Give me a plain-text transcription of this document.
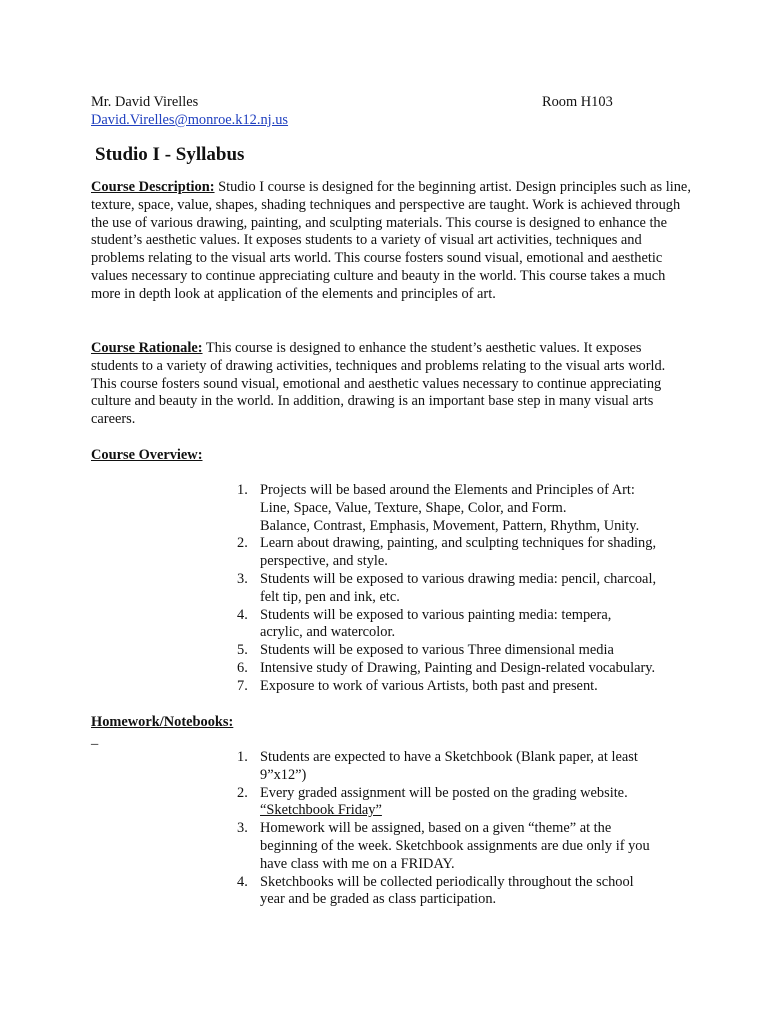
Mr. David Virelles	Room H103
David.Virelles@monroe.k12.nj.us
Studio I - Syllabus
Course Description: Studio I course is designed for the beginning artist. Design principles such as line, texture, space, value, shapes, shading techniques and perspective are taught. Work is achieved through the use of various drawing, painting, and sculpting materials. This course is designed to enhance the student’s aesthetic values. It exposes students to a variety of visual art activities, techniques and problems relating to the visual arts world. This course fosters sound visual, emotional and aesthetic values necessary to continue appreciating culture and beauty in the world. This course takes a much more in depth look at application of the elements and principles of art.
Course Rationale: This course is designed to enhance the student’s aesthetic values. It exposes students to a variety of drawing activities, techniques and problems relating to the visual arts world. This course fosters sound visual, emotional and aesthetic values necessary to continue appreciating culture and beauty in the world. In addition, drawing is an important base step in many visual arts careers.
Course Overview:
1. Projects will be based around the Elements and Principles of Art:
Line, Space, Value, Texture, Shape, Color, and Form.
Balance, Contrast, Emphasis, Movement, Pattern, Rhythm, Unity.
2. Learn about drawing, painting, and sculpting techniques for shading,
perspective, and style.
3. Students will be exposed to various drawing media: pencil, charcoal,
felt tip, pen and ink, etc.
4. Students will be exposed to various painting media: tempera,
acrylic, and watercolor.
5. Students will be exposed to various Three dimensional media
6. Intensive study of Drawing, Painting and Design-related vocabulary.
7. Exposure to work of various Artists, both past and present.
Homework/Notebooks:
_
1. Students are expected to have a Sketchbook (Blank paper, at least
9”x12”)
2. Every graded assignment will be posted on the grading website.
“Sketchbook Friday”
3. Homework will be assigned, based on a given “theme” at the
beginning of the week. Sketchbook assignments are due only if you
have class with me on a FRIDAY.
4. Sketchbooks will be collected periodically throughout the school
year and be graded as class participation.
